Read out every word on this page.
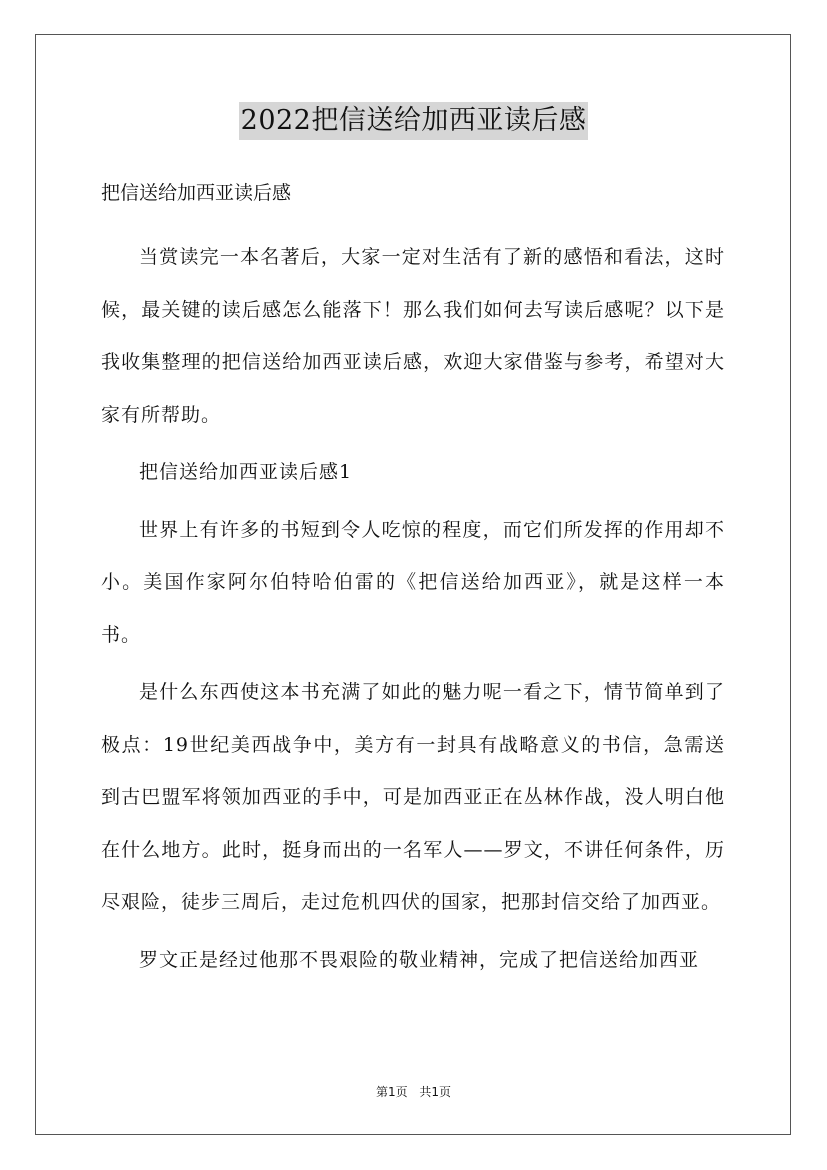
2022把信送给加西亚读后感
把信送给加西亚读后感

当赏读完一本名著后，大家一定对生活有了新的感悟和看法，这时候，最关键的读后感怎么能落下！那么我们如何去写读后感呢？以下是我收集整理的把信送给加西亚读后感，欢迎大家借鉴与参考，希望对大家有所帮助。

把信送给加西亚读后感1

世界上有许多的书短到令人吃惊的程度，而它们所发挥的作用却不小。美国作家阿尔伯特哈伯雷的《把信送给加西亚》，就是这样一本书。

是什么东西使这本书充满了如此的魅力呢一看之下，情节简单到了极点：19世纪美西战争中，美方有一封具有战略意义的书信，急需送到古巴盟军将领加西亚的手中，可是加西亚正在丛林作战，没人明白他在什么地方。此时，挺身而出的一名军人——罗文，不讲任何条件，历尽艰险，徒步三周后，走过危机四伏的国家，把那封信交给了加西亚。

罗文正是经过他那不畏艰险的敬业精神，完成了把信送给加西亚

第1页 共1页
